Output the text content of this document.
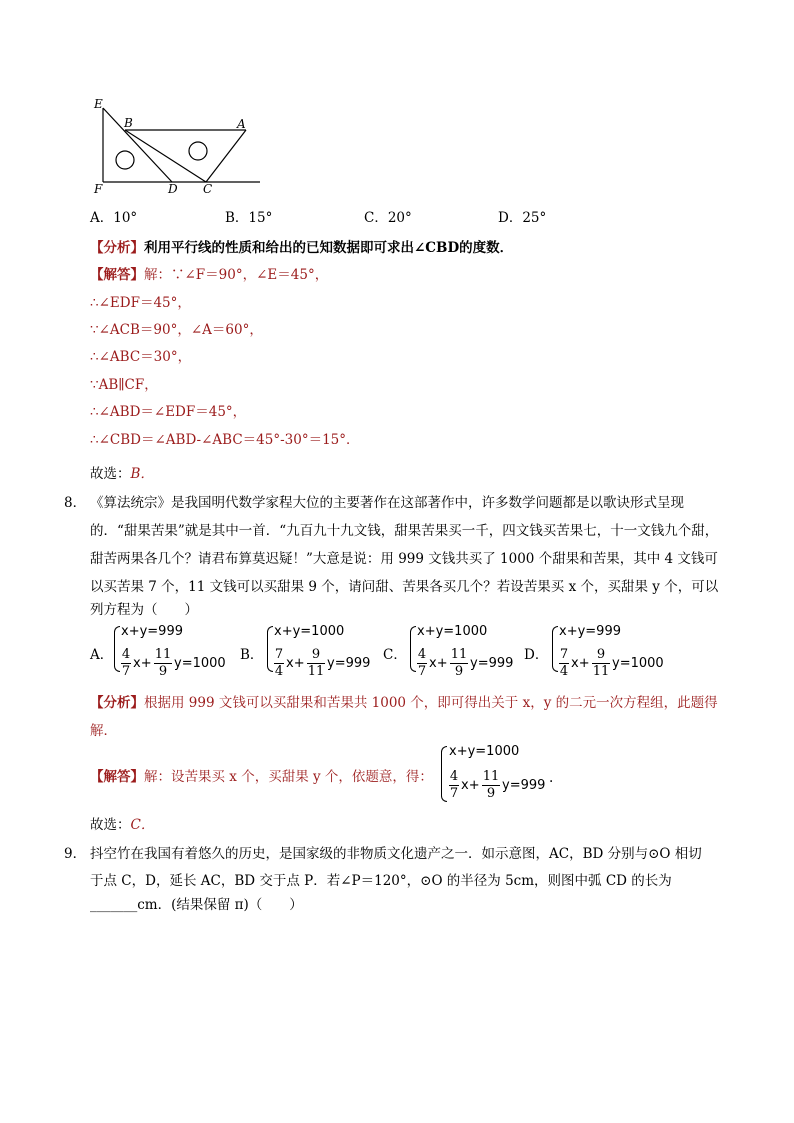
E
B	A
F	D C
A．10°	B．15°	C．20°	D．25°
【分析】利用平行线的性质和给出的已知数据即可求出∠CBD的度数．
【解答】解：∵∠F＝90°，∠E＝45°，
∴∠EDF＝45°，
∵∠ACB＝90°，∠A＝60°，
∴∠ABC＝30°，
∵AB∥CF，
∴∠ABD＝∠EDF＝45°，
∴∠CBD＝∠ABD-∠ABC＝45°-30°＝15°．
故选：B．
8． 《算法统宗》是我国明代数学家程大位的主要著作在这部著作中，许多数学问题都是以歌诀形式呈现
的．“甜果苦果”就是其中一首．“九百九十九文钱，甜果苦果买一千，四文钱买苦果七，十一文钱九个甜，
甜苦两果各几个？请君布算莫迟疑！”大意是说：用 999 文钱共买了 1000 个甜果和苦果，其中 4 文钱可
以买苦果 7 个，11 文钱可以买甜果 9 个，请问甜、苦果各买几个？若设苦果买 x 个，买甜果 y 个，可以
列方程为（　　）
A．
x+y=999
4
7
x+
11
9
y=1000
B．
x+y=1000
7
4
x+
9
11
y=999
C．
x+y=1000
4
7
x+
11
9
y=999
D．
x+y=999
7
4
x+
9
11
y=1000
【分析】根据用 999 文钱可以买甜果和苦果共 1000 个，即可得出关于 x，y 的二元一次方程组，此题得
解．
【解答】解：设苦果买 x 个，买甜果 y 个，依题意，得：
x+y=1000
4
7
x+
11
9
y=999 .
故选：C．
9． 抖空竹在我国有着悠久的历史，是国家级的非物质文化遗产之一．如示意图，AC，BD 分别与⊙O 相切
于点 C，D，延长 AC，BD 交于点 P．若∠P＝120°，⊙O 的半径为 5cm，则图中弧 CD 的长为
_______cm．(结果保留 π)（　　）
